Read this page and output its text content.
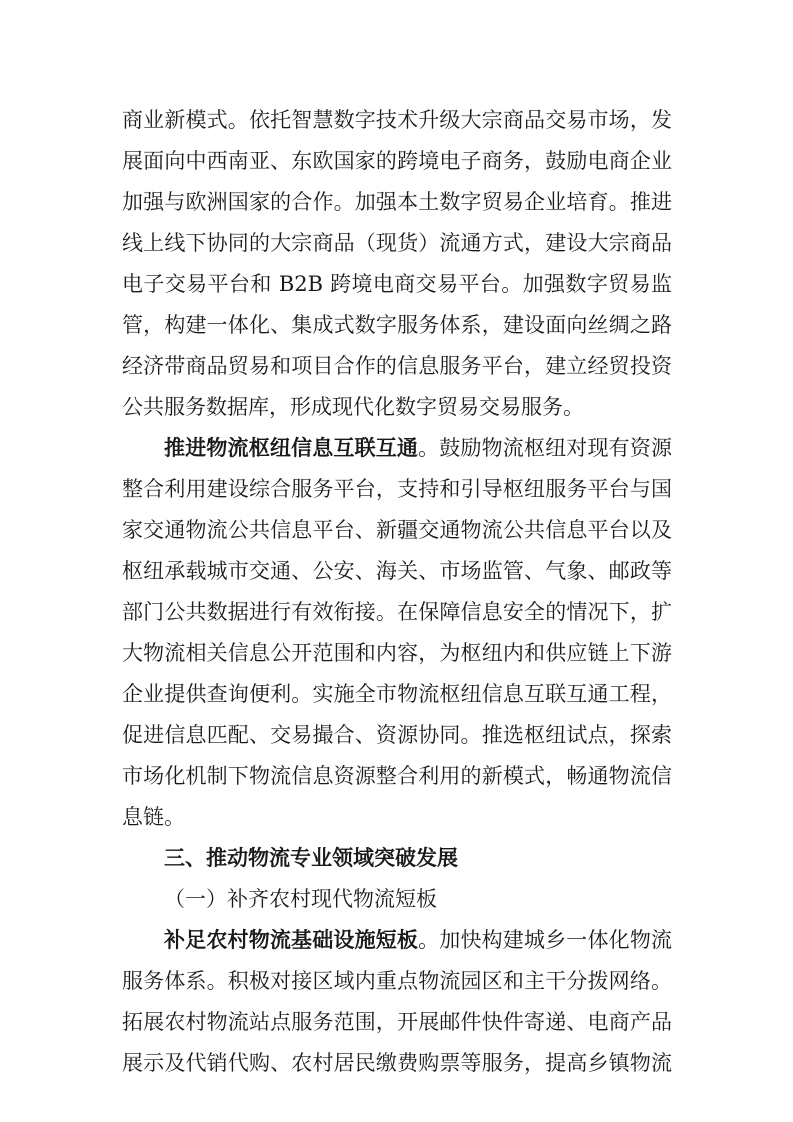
商业新模式。依托智慧数字技术升级大宗商品交易市场，发
展面向中西南亚、东欧国家的跨境电子商务，鼓励电商企业
加强与欧洲国家的合作。加强本土数字贸易企业培育。推进
线上线下协同的大宗商品（现货）流通方式，建设大宗商品
电子交易平台和 B2B 跨境电商交易平台。加强数字贸易监
管，构建一体化、集成式数字服务体系，建设面向丝绸之路
经济带商品贸易和项目合作的信息服务平台，建立经贸投资
公共服务数据库，形成现代化数字贸易交易服务。
推进物流枢纽信息互联互通。鼓励物流枢纽对现有资源
整合利用建设综合服务平台，支持和引导枢纽服务平台与国
家交通物流公共信息平台、新疆交通物流公共信息平台以及
枢纽承载城市交通、公安、海关、市场监管、气象、邮政等
部门公共数据进行有效衔接。在保障信息安全的情况下，扩
大物流相关信息公开范围和内容，为枢纽内和供应链上下游
企业提供查询便利。实施全市物流枢纽信息互联互通工程，
促进信息匹配、交易撮合、资源协同。推选枢纽试点，探索
市场化机制下物流信息资源整合利用的新模式，畅通物流信
息链。
三、推动物流专业领域突破发展
（一）补齐农村现代物流短板
补足农村物流基础设施短板。加快构建城乡一体化物流
服务体系。积极对接区域内重点物流园区和主干分拨网络。
拓展农村物流站点服务范围，开展邮件快件寄递、电商产品
展示及代销代购、农村居民缴费购票等服务，提高乡镇物流
